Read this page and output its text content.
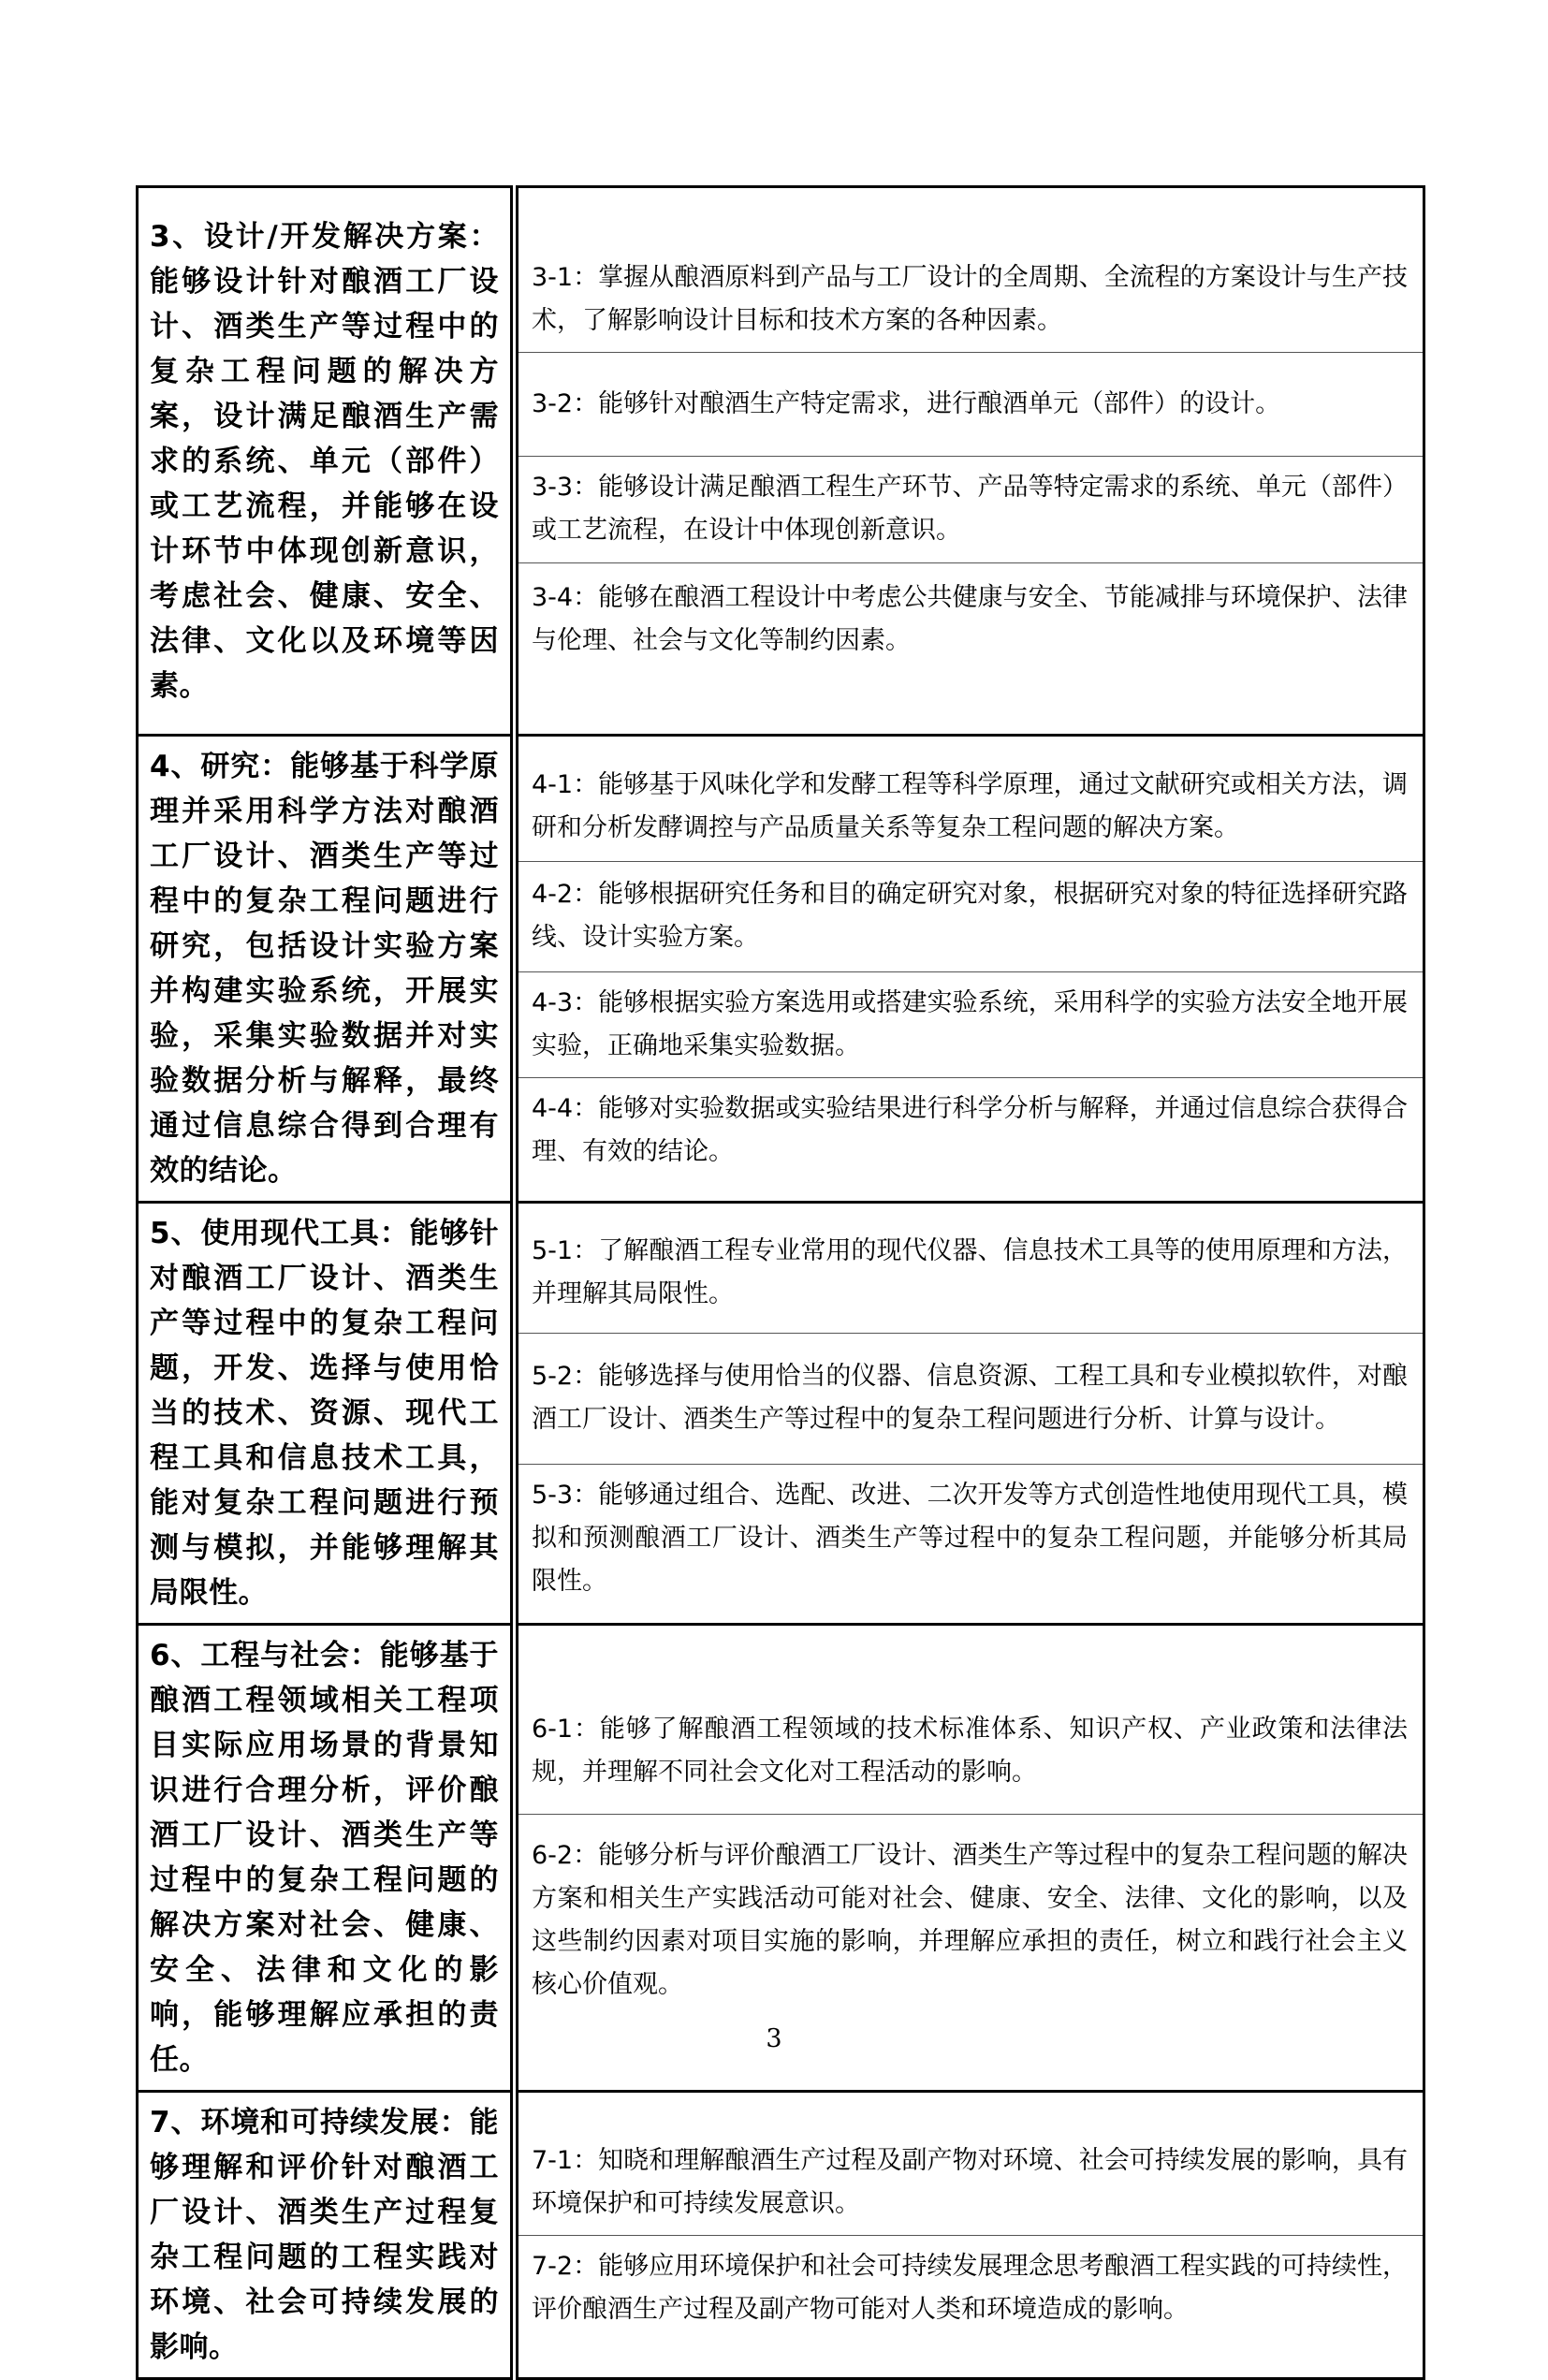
3、设计/开发解决方案：能够设计针对酿酒工厂设计、酒类生产等过程中的复杂工程问题的解决方案，设计满足酿酒生产需求的系统、单元（部件）或工艺流程，并能够在设计环节中体现创新意识，考虑社会、健康、安全、法律、文化以及环境等因素。

3-1：掌握从酿酒原料到产品与工厂设计的全周期、全流程的方案设计与生产技术，了解影响设计目标和技术方案的各种因素。
3-2：能够针对酿酒生产特定需求，进行酿酒单元（部件）的设计。
3-3：能够设计满足酿酒工程生产环节、产品等特定需求的系统、单元（部件）或工艺流程，在设计中体现创新意识。
3-4：能够在酿酒工程设计中考虑公共健康与安全、节能减排与环境保护、法律与伦理、社会与文化等制约因素。

4、研究：能够基于科学原理并采用科学方法对酿酒工厂设计、酒类生产等过程中的复杂工程问题进行研究，包括设计实验方案并构建实验系统，开展实验，采集实验数据并对实验数据分析与解释，最终通过信息综合得到合理有效的结论。

4-1：能够基于风味化学和发酵工程等科学原理，通过文献研究或相关方法，调研和分析发酵调控与产品质量关系等复杂工程问题的解决方案。
4-2：能够根据研究任务和目的确定研究对象，根据研究对象的特征选择研究路线、设计实验方案。
4-3：能够根据实验方案选用或搭建实验系统，采用科学的实验方法安全地开展实验，正确地采集实验数据。
4-4：能够对实验数据或实验结果进行科学分析与解释，并通过信息综合获得合理、有效的结论。

5、使用现代工具：能够针对酿酒工厂设计、酒类生产等过程中的复杂工程问题，开发、选择与使用恰当的技术、资源、现代工程工具和信息技术工具，能对复杂工程问题进行预测与模拟，并能够理解其局限性。

5-1：了解酿酒工程专业常用的现代仪器、信息技术工具等的使用原理和方法，并理解其局限性。
5-2：能够选择与使用恰当的仪器、信息资源、工程工具和专业模拟软件，对酿酒工厂设计、酒类生产等过程中的复杂工程问题进行分析、计算与设计。
5-3：能够通过组合、选配、改进、二次开发等方式创造性地使用现代工具，模拟和预测酿酒工厂设计、酒类生产等过程中的复杂工程问题，并能够分析其局限性。

6、工程与社会：能够基于酿酒工程领域相关工程项目实际应用场景的背景知识进行合理分析，评价酿酒工厂设计、酒类生产等过程中的复杂工程问题的解决方案对社会、健康、安全、法律和文化的影响，能够理解应承担的责任。

6-1：能够了解酿酒工程领域的技术标准体系、知识产权、产业政策和法律法规，并理解不同社会文化对工程活动的影响。
6-2：能够分析与评价酿酒工厂设计、酒类生产等过程中的复杂工程问题的解决方案和相关生产实践活动可能对社会、健康、安全、法律、文化的影响，以及这些制约因素对项目实施的影响，并理解应承担的责任，树立和践行社会主义核心价值观。

7、环境和可持续发展：能够理解和评价针对酿酒工厂设计、酒类生产过程复杂工程问题的工程实践对环境、社会可持续发展的影响。

7-1：知晓和理解酿酒生产过程及副产物对环境、社会可持续发展的影响，具有环境保护和可持续发展意识。
7-2：能够应用环境保护和社会可持续发展理念思考酿酒工程实践的可持续性，评价酿酒生产过程及副产物可能对人类和环境造成的影响。
3
